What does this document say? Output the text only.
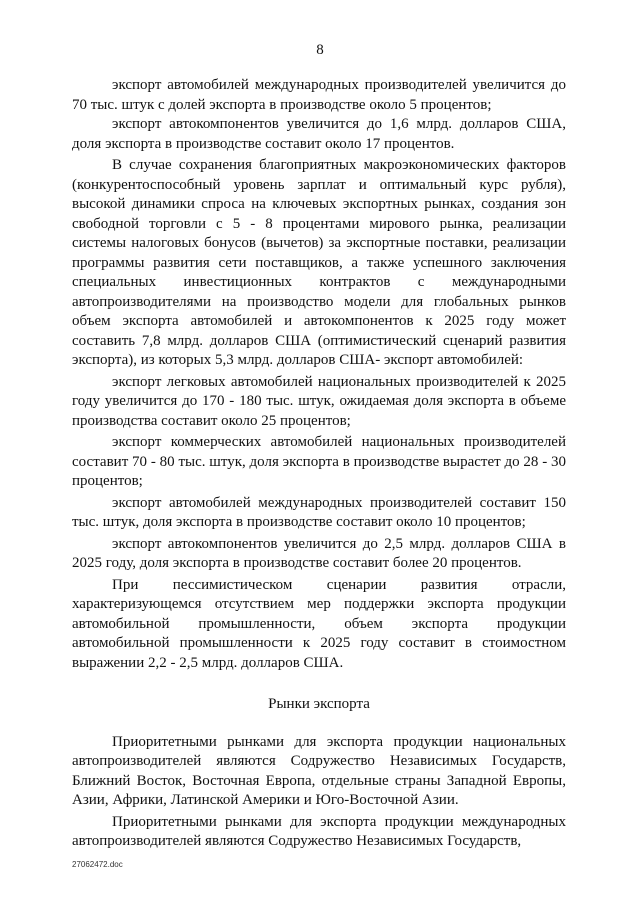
8

экспорт автомобилей международных производителей увеличится до 70 тыс. штук с долей экспорта в производстве около 5 процентов;

экспорт автокомпонентов увеличится до 1,6 млрд. долларов США, доля экспорта в производстве составит около 17 процентов.

В случае сохранения благоприятных макроэкономических факторов (конкурентоспособный уровень зарплат и оптимальный курс рубля), высокой динамики спроса на ключевых экспортных рынках, создания зон свободной торговли с 5 - 8 процентами мирового рынка, реализации системы налоговых бонусов (вычетов) за экспортные поставки, реализации программы развития сети поставщиков, а также успешного заключения специальных инвестиционных контрактов с международными автопроизводителями на производство модели для глобальных рынков объем экспорта автомобилей и автокомпонентов к 2025 году может составить 7,8 млрд. долларов США (оптимистический сценарий развития экспорта), из которых 5,3 млрд. долларов США- экспорт автомобилей:

экспорт легковых автомобилей национальных производителей к 2025 году увеличится до 170 - 180 тыс. штук, ожидаемая доля экспорта в объеме производства составит около 25 процентов;

экспорт коммерческих автомобилей национальных производителей составит 70 - 80 тыс. штук, доля экспорта в производстве вырастет до 28 - 30 процентов;

экспорт автомобилей международных производителей составит 150 тыс. штук, доля экспорта в производстве составит около 10 процентов;

экспорт автокомпонентов увеличится до 2,5 млрд. долларов США в 2025 году, доля экспорта в производстве составит более 20 процентов.

При пессимистическом сценарии развития отрасли, характеризующемся отсутствием мер поддержки экспорта продукции автомобильной промышленности, объем экспорта продукции автомобильной промышленности к 2025 году составит в стоимостном выражении 2,2 - 2,5 млрд. долларов США.

Рынки экспорта

Приоритетными рынками для экспорта продукции национальных автопроизводителей являются Содружество Независимых Государств, Ближний Восток, Восточная Европа, отдельные страны Западной Европы, Азии, Африки, Латинской Америки и Юго-Восточной Азии.

Приоритетными рынками для экспорта продукции международных автопроизводителей являются Содружество Независимых Государств,

27062472.doc
